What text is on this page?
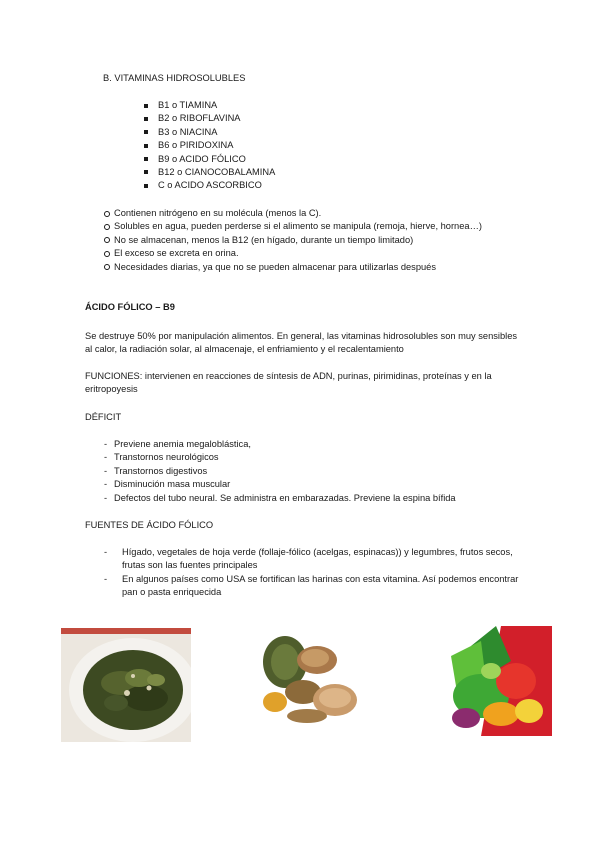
B. VITAMINAS HIDROSOLUBLES
B1 o TIAMINA
B2 o RIBOFLAVINA
B3 o NIACINA
B6 o PIRIDOXINA
B9 o ACIDO FÓLICO
B12 o CIANOCOBALAMINA
C o ACIDO ASCORBICO
Contienen nitrógeno en su molécula (menos la C).
Solubles en agua, pueden perderse si el alimento se manipula (remoja, hierve, hornea…)
No se almacenan, menos la B12 (en hígado, durante un tiempo limitado)
El exceso se excreta en orina.
Necesidades diarias, ya que no se pueden almacenar para utilizarlas después
ÁCIDO FÓLICO – B9
Se destruye 50% por manipulación alimentos. En general, las vitaminas hidrosolubles son muy sensibles al calor, la radiación solar, al almacenaje, el enfriamiento y el recalentamiento
FUNCIONES: intervienen en reacciones de síntesis de ADN, purinas, pirimidinas, proteínas y en la eritropoyesis
DÉFICIT
- Previene anemia megaloblástica,
- Transtornos neurológicos
- Transtornos digestivos
- Disminución masa muscular
- Defectos del tubo neural. Se administra en embarazadas. Previene la espina bífida
FUENTES DE ÁCIDO FÓLICO
- Hígado, vegetales de hoja verde (follaje-fólico (acelgas, espinacas)) y legumbres, frutos secos, frutas son las fuentes principales
- En algunos países como USA se fortifican las harinas con esta vitamina. Así podemos encontrar pan o pasta enriquecida
